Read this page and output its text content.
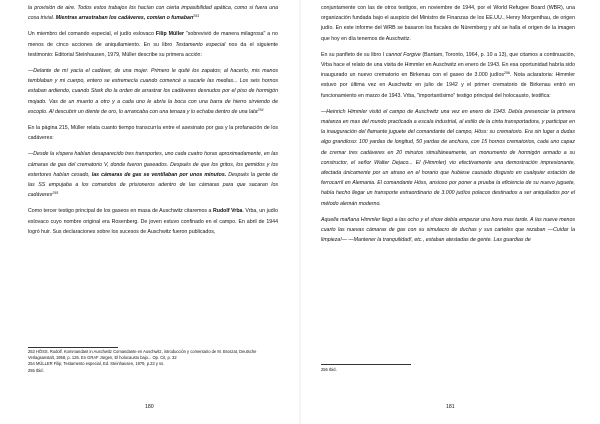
la provisión de aire. Todos estos trabajos los hacían con cierta impasibilidad apática, como si fuera una cosa trivial. Mientras arrastraban los cadáveres, comían o fumaban$^{253}$

Un miembro del comando especial, el judío eslovaco Filip Müller "sobrevivió de manera milagrosa" a no menos de cinco acciones de aniquilamiento. En su libro Testamento especial nos da el siguiente testimonio: Editorial Steinhausen, 1979, Müller describe su primera acción:

—Delante de mí yacía el cadáver, de una mujer. Primero le quité los zapatos; al hacerlo, mis manos temblaban y mi cuerpo, entero se estremecía cuando comencé a sacarle las medias... Los seis hornos estaban ardiendo, cuando Stark dio la orden de arrastrar los cadáveres desnudos por el piso de hormigón mojado. Vas de un muerto a otro y a cada uno le abría la boca con una barra de hierro sirviendo de escoplo. Al descubrir un diente de oro, lo arrancaba con una tenaza y lo echaba dentro de una lata$^{254}$

En la página 215, Müller relata cuanto tiempo transcurría entre el asesinato por gas y la profanación de los cadáveres:

—Desde la víspera habían desaparecido tres transportes, uno cada cuatro horas aproximadamente, en las cámaras de gas del crematorio V, donde fueron gaseados. Después de que los gritos, los gemidos y los estertores habían cesado, las cámaras de gas se ventilaban por unos minutos. Después la gente de las SS empujaba a los comandos de prisioneros adentro de las cámaras para que sacaran los cadáveres$^{255}$

Como tercer testigo principal de los gaseos en masa de Auschwitz citaremos a Rudolf Vrba. Vrba, un judío eslovaco cuyo nombre original era Rosenberg. De joven estuvo confinado en el campo. En abril de 1944 logró huir. Sus declaraciones sobre los sucesos de Auschwitz fueron publicados,

253 HÖSS. Rudolf. Kommandant in Auschwitz Comandante en Auschwitz, introducción y comentario de M. Broszat, Deutsche Verlagsanstalt, 1958, p. 126. En GRAF Jürgen, El holocausto bajo... Op. Cit, p. 32
254 MÜLLER Filip, Testamento especial, Ed. Steinhausen, 1979, p.23 y ss.
255 Ibid.
180

conjuntamente con las de otros testigos, en noviembre de 1944, por el World Refugee Board (WBR), una organización fundada bajo el auspicio del Ministro de Finanzas de los EE.UU., Henry Morgenthau, de origen judío. En este informe del WRB se basaron los fiscales de Nüremberg y ahí se halla el origen de la imagen que hoy en día tenemos de Auschwitz.

En su panfleto de su libro I cannot Forgive (Bantam, Toronto, 1964, p. 10 a 13), que citamos a continuación, Vrba hace el relato de una visita de Himmler en Auschwitz en enero de 1943. En esa oportunidad habría sido inaugurado un nuevo crematorio en Birkenau con el gaseo de 3.000 judíos$^{256}$. Nota aclaratoria: Himmler estuvo por última vez en Auschwitz en julio de 1942 y el primer crematorio de Birkenau entró en funcionamiento en marzo de 1943. Vrba, "importantísimo" testigo principal del holocausto, testifica:

—Heinrich Himmler visitó el campo de Auschwitz una vez en enero de 1943. Debía presenciar la primera matanza en mas del mundo practicada a escala industrial, al estilo de la cinta transportadora, y participar en la inauguración del flamante juguete del comandante del campo, Höss: su crematorio. Era sin lugar a dudas algo grandioso: 100 yardas de longitud, 50 yardas de anchura, con 15 hornos crematorios, cada uno capaz de cremar tres cadáveres en 20 minutos simultáneamente, un monumento de hormigón armado a su constructor, el señor Walter Dejaco... El (Himmler) vio efectivamente una demostración impresionante, afectada únicamente por un atraso en el horario que hubiese causado disgusto en cualquier estación de ferrocarril en Alemania. El comandante Höss, ansioso por poner a prueba la eficiencia de su nuevo juguete, había hecho llegar un transporte extraordinario de 3.000 judíos polacos destinados a ser aniquilados por el método alemán moderno.

Aquella mañana Himmler llegó a las ocho y el show debía empezar una hora mas tarde. A las nueve menos cuarto las nuevas cámaras de gas con su simulacro de duchas y sus carteles que rezaban —Cuidar la limpieza!— —Mantener la tranquilidad!, etc., estaban atestadas de gente. Las guardias de

256 Ibid.
181
